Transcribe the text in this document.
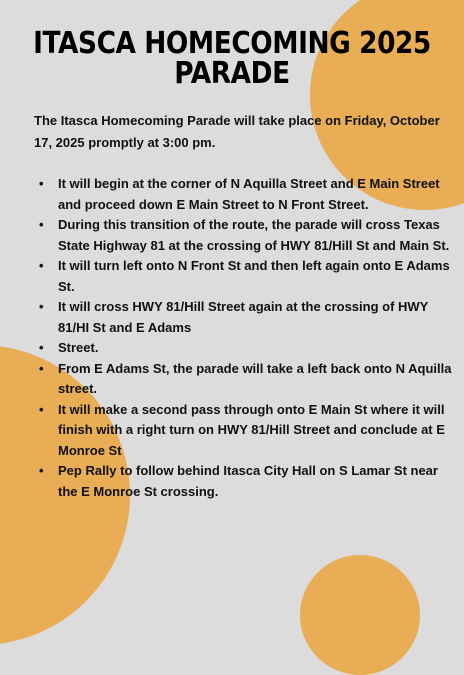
ITASCA HOMECOMING 2025
PARADE

The Itasca Homecoming Parade will take place on Friday, October 17, 2025 promptly at 3:00 pm.

• It will begin at the corner of N Aquilla Street and E Main Street and proceed down E Main Street to N Front Street.
• During this transition of the route, the parade will cross Texas State Highway 81 at the crossing of HWY 81/Hill St and Main St.
• It will turn left onto N Front St and then left again onto E Adams St.
• It will cross HWY 81/Hill Street again at the crossing of HWY 81/HI St and E Adams
• Street.
• From E Adams St, the parade will take a left back onto N Aquilla street.
• It will make a second pass through onto E Main St where it will finish with a right turn on HWY 81/Hill Street and conclude at E Monroe St
• Pep Rally to follow behind Itasca City Hall on S Lamar St near the E Monroe St crossing.
